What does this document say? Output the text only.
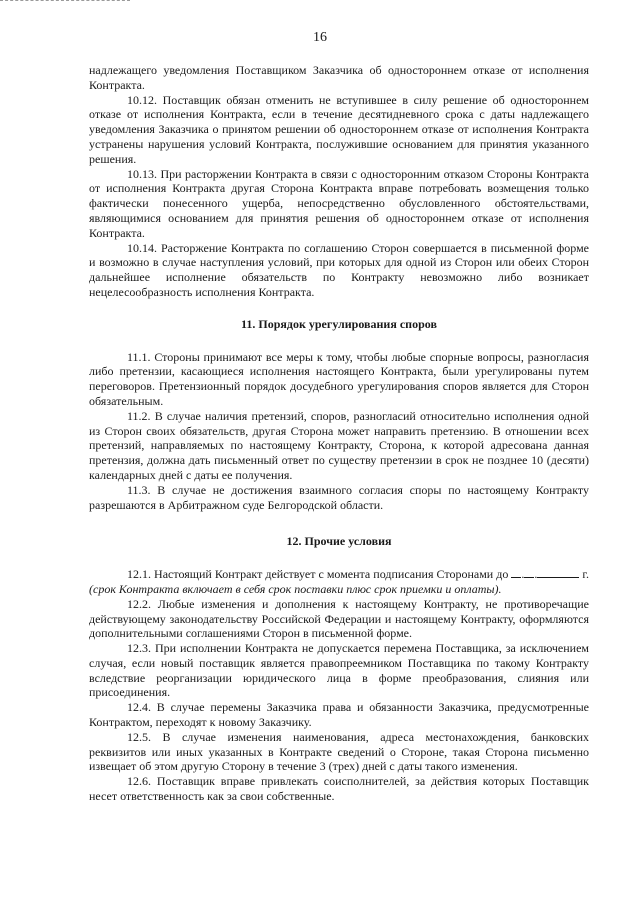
16

надлежащего уведомления Поставщиком Заказчика об одностороннем отказе от исполнения Контракта.

10.12. Поставщик обязан отменить не вступившее в силу решение об одностороннем отказе от исполнения Контракта, если в течение десятидневного срока с даты надлежащего уведомления Заказчика о принятом решении об одностороннем отказе от исполнения Контракта устранены нарушения условий Контракта, послужившие основанием для принятия указанного решения.

10.13. При расторжении Контракта в связи с односторонним отказом Стороны Контракта от исполнения Контракта другая Сторона Контракта вправе потребовать возмещения только фактически понесенного ущерба, непосредственно обусловленного обстоятельствами, являющимися основанием для принятия решения об одностороннем отказе от исполнения Контракта.

10.14. Расторжение Контракта по соглашению Сторон совершается в письменной форме и возможно в случае наступления условий, при которых для одной из Сторон или обеих Сторон дальнейшее исполнение обязательств по Контракту невозможно либо возникает нецелесообразность исполнения Контракта.

11. Порядок урегулирования споров

11.1. Стороны принимают все меры к тому, чтобы любые спорные вопросы, разногласия либо претензии, касающиеся исполнения настоящего Контракта, были урегулированы путем переговоров. Претензионный порядок досудебного урегулирования споров является для Сторон обязательным.

11.2. В случае наличия претензий, споров, разногласий относительно исполнения одной из Сторон своих обязательств, другая Сторона может направить претензию. В отношении всех претензий, направляемых по настоящему Контракту, Сторона, к которой адресована данная претензия, должна дать письменный ответ по существу претензии в срок не позднее 10 (десяти) календарных дней с даты ее получения.

11.3. В случае не достижения взаимного согласия споры по настоящему Контракту разрешаются в Арбитражном суде Белгородской области.

12. Прочие условия

12.1. Настоящий Контракт действует с момента подписания Сторонами до . .	г. (срок Контракта включает в себя срок поставки плюс срок приемки и оплаты).

12.2. Любые изменения и дополнения к настоящему Контракту, не противоречащие действующему законодательству Российской Федерации и настоящему Контракту, оформляются дополнительными соглашениями Сторон в письменной форме.

12.3. При исполнении Контракта не допускается перемена Поставщика, за исключением случая, если новый поставщик является правопреемником Поставщика по такому Контракту вследствие реорганизации юридического лица в форме преобразования, слияния или присоединения.

12.4. В случае перемены Заказчика права и обязанности Заказчика, предусмотренные Контрактом, переходят к новому Заказчику.

12.5. В случае изменения наименования, адреса местонахождения, банковских реквизитов или иных указанных в Контракте сведений о Стороне, такая Сторона письменно извещает об этом другую Сторону в течение 3 (трех) дней с даты такого изменения.

12.6. Поставщик вправе привлекать соисполнителей, за действия которых Поставщик несет ответственность как за свои собственные.
